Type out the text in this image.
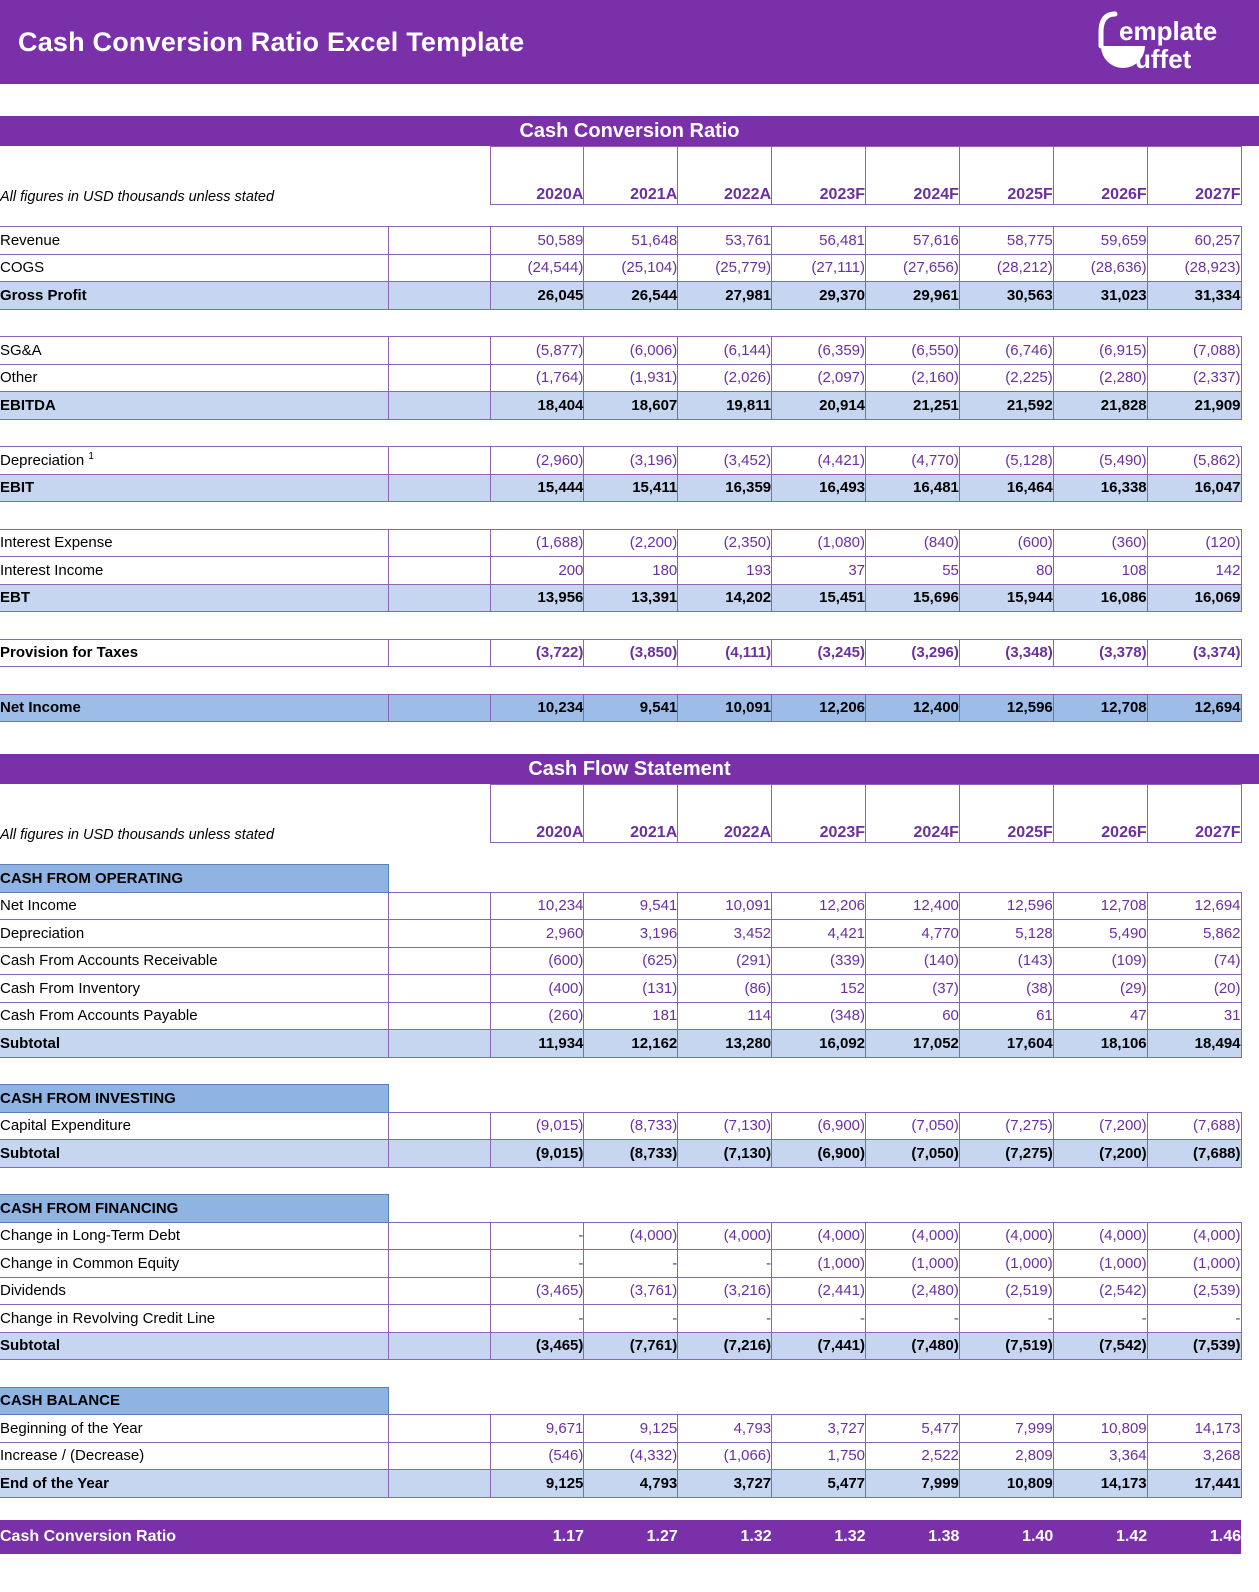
Cash Conversion Ratio Excel Template	emplate
uffet
Cash Conversion Ratio
All figures in USD thousands unless stated		2020A	2021A	2022A	2023F	2024F	2025F	2026F	2027F

Revenue		50,589	51,648	53,761	56,481	57,616	58,775	59,659	60,257
COGS		(24,544)	(25,104)	(25,779)	(27,111)	(27,656)	(28,212)	(28,636)	(28,923)
Gross Profit		26,045	26,544	27,981	29,370	29,961	30,563	31,023	31,334

SG&A		(5,877)	(6,006)	(6,144)	(6,359)	(6,550)	(6,746)	(6,915)	(7,088)
Other		(1,764)	(1,931)	(2,026)	(2,097)	(2,160)	(2,225)	(2,280)	(2,337)
EBITDA		18,404	18,607	19,811	20,914	21,251	21,592	21,828	21,909

Depreciation $^1$		(2,960)	(3,196)	(3,452)	(4,421)	(4,770)	(5,128)	(5,490)	(5,862)
EBIT		15,444	15,411	16,359	16,493	16,481	16,464	16,338	16,047

Interest Expense		(1,688)	(2,200)	(2,350)	(1,080)	(840)	(600)	(360)	(120)
Interest Income		200	180	193	37	55	80	108	142
EBT		13,956	13,391	14,202	15,451	15,696	15,944	16,086	16,069

Provision for Taxes		(3,722)	(3,850)	(4,111)	(3,245)	(3,296)	(3,348)	(3,378)	(3,374)

Net Income		10,234	9,541	10,091	12,206	12,400	12,596	12,708	12,694
Cash Flow Statement
All figures in USD thousands unless stated		2020A	2021A	2022A	2023F	2024F	2025F	2026F	2027F

CASH FROM OPERATING									
Net Income		10,234	9,541	10,091	12,206	12,400	12,596	12,708	12,694
Depreciation		2,960	3,196	3,452	4,421	4,770	5,128	5,490	5,862
Cash From Accounts Receivable		(600)	(625)	(291)	(339)	(140)	(143)	(109)	(74)
Cash From Inventory		(400)	(131)	(86)	152	(37)	(38)	(29)	(20)
Cash From Accounts Payable		(260)	181	114	(348)	60	61	47	31
Subtotal		11,934	12,162	13,280	16,092	17,052	17,604	18,106	18,494

CASH FROM INVESTING									
Capital Expenditure		(9,015)	(8,733)	(7,130)	(6,900)	(7,050)	(7,275)	(7,200)	(7,688)
Subtotal		(9,015)	(8,733)	(7,130)	(6,900)	(7,050)	(7,275)	(7,200)	(7,688)

CASH FROM FINANCING									
Change in Long-Term Debt		-	(4,000)	(4,000)	(4,000)	(4,000)	(4,000)	(4,000)	(4,000)
Change in Common Equity		-	-	-	(1,000)	(1,000)	(1,000)	(1,000)	(1,000)
Dividends		(3,465)	(3,761)	(3,216)	(2,441)	(2,480)	(2,519)	(2,542)	(2,539)
Change in Revolving Credit Line		-	-	-	-	-	-	-	-
Subtotal		(3,465)	(7,761)	(7,216)	(7,441)	(7,480)	(7,519)	(7,542)	(7,539)

CASH BALANCE									
Beginning of the Year		9,671	9,125	4,793	3,727	5,477	7,999	10,809	14,173
Increase / (Decrease)		(546)	(4,332)	(1,066)	1,750	2,522	2,809	3,364	3,268
End of the Year		9,125	4,793	3,727	5,477	7,999	10,809	14,173	17,441
Cash Conversion Ratio	1.17	1.27	1.32	1.32	1.38	1.40	1.42	1.46
